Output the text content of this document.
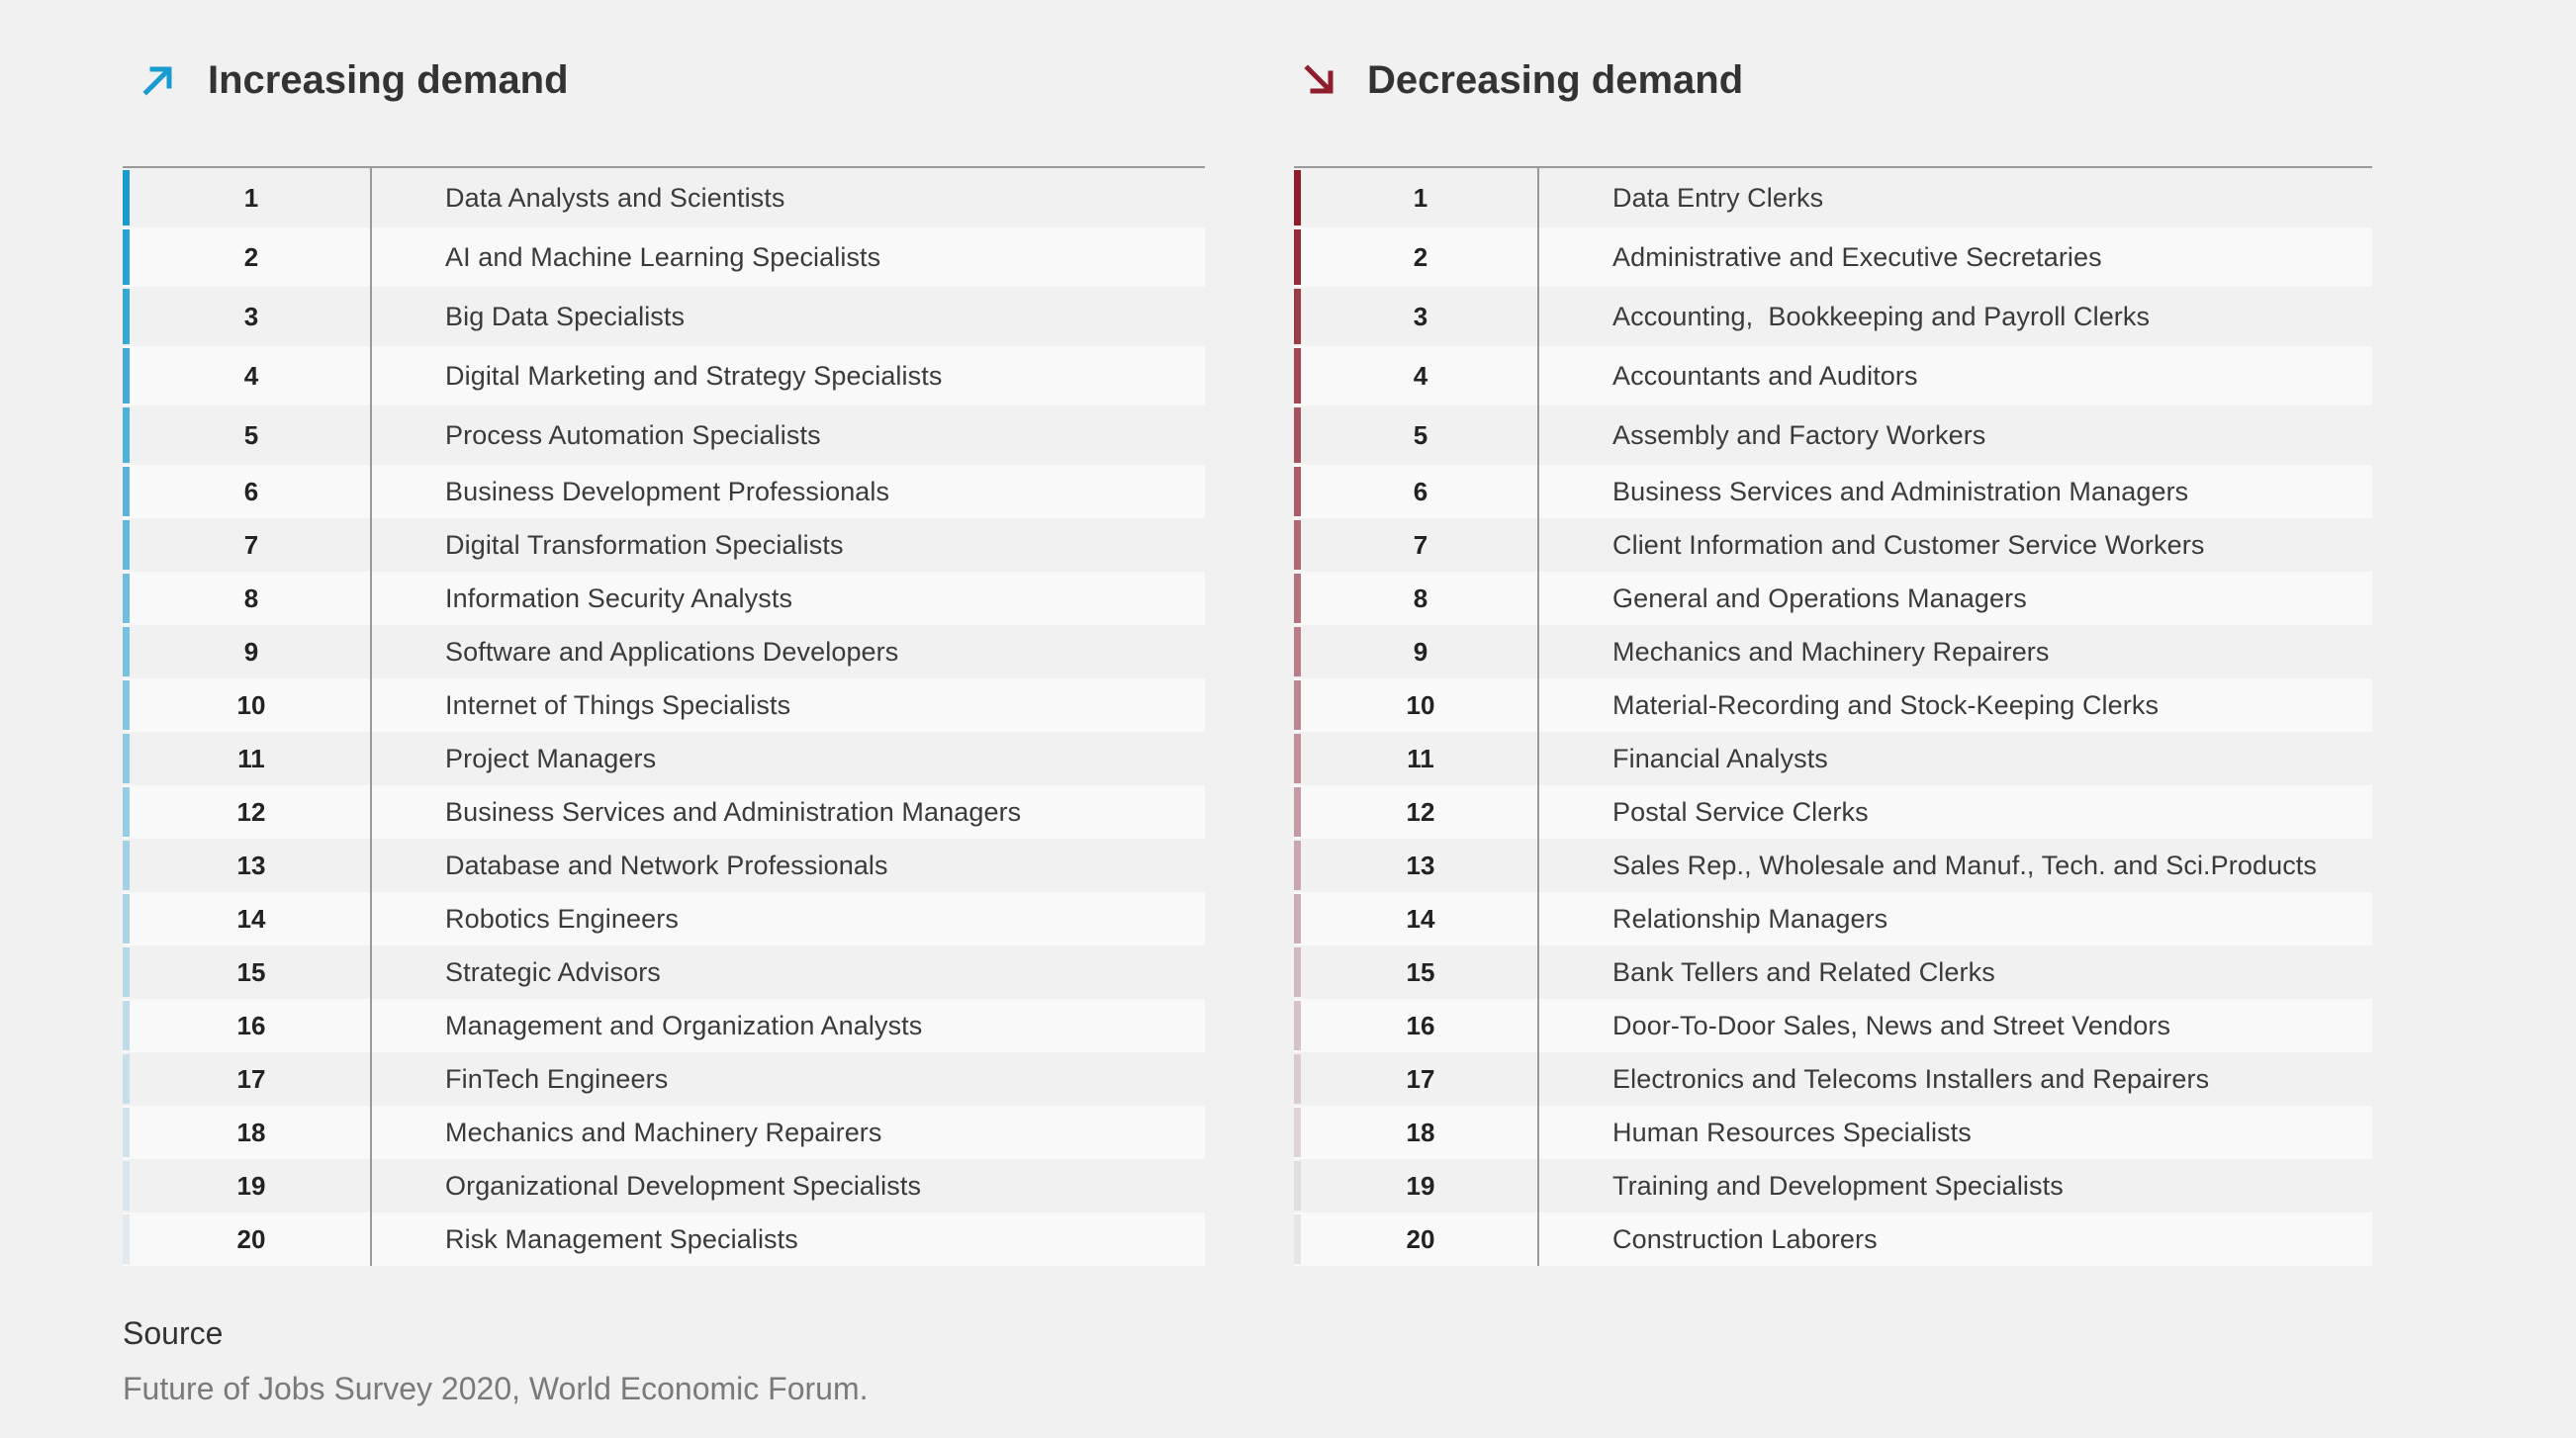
Increasing demand
1	Data Analysts and Scientists
2	AI and Machine Learning Specialists
3	Big Data Specialists
4	Digital Marketing and Strategy Specialists
5	Process Automation Specialists
6	Business Development Professionals
7	Digital Transformation Specialists
8	Information Security Analysts
9	Software and Applications Developers
10	Internet of Things Specialists
11	Project Managers
12	Business Services and Administration Managers
13	Database and Network Professionals
14	Robotics Engineers
15	Strategic Advisors
16	Management and Organization Analysts
17	FinTech Engineers
18	Mechanics and Machinery Repairers
19	Organizational Development Specialists
20	Risk Management Specialists
Decreasing demand
1	Data Entry Clerks
2	Administrative and Executive Secretaries
3	Accounting,  Bookkeeping and Payroll Clerks
4	Accountants and Auditors
5	Assembly and Factory Workers
6	Business Services and Administration Managers
7	Client Information and Customer Service Workers
8	General and Operations Managers
9	Mechanics and Machinery Repairers
10	Material-Recording and Stock-Keeping Clerks
11	Financial Analysts
12	Postal Service Clerks
13	Sales Rep., Wholesale and Manuf., Tech. and Sci.Products
14	Relationship Managers
15	Bank Tellers and Related Clerks
16	Door-To-Door Sales, News and Street Vendors
17	Electronics and Telecoms Installers and Repairers
18	Human Resources Specialists
19	Training and Development Specialists
20	Construction Laborers
Source
Future of Jobs Survey 2020, World Economic Forum.
